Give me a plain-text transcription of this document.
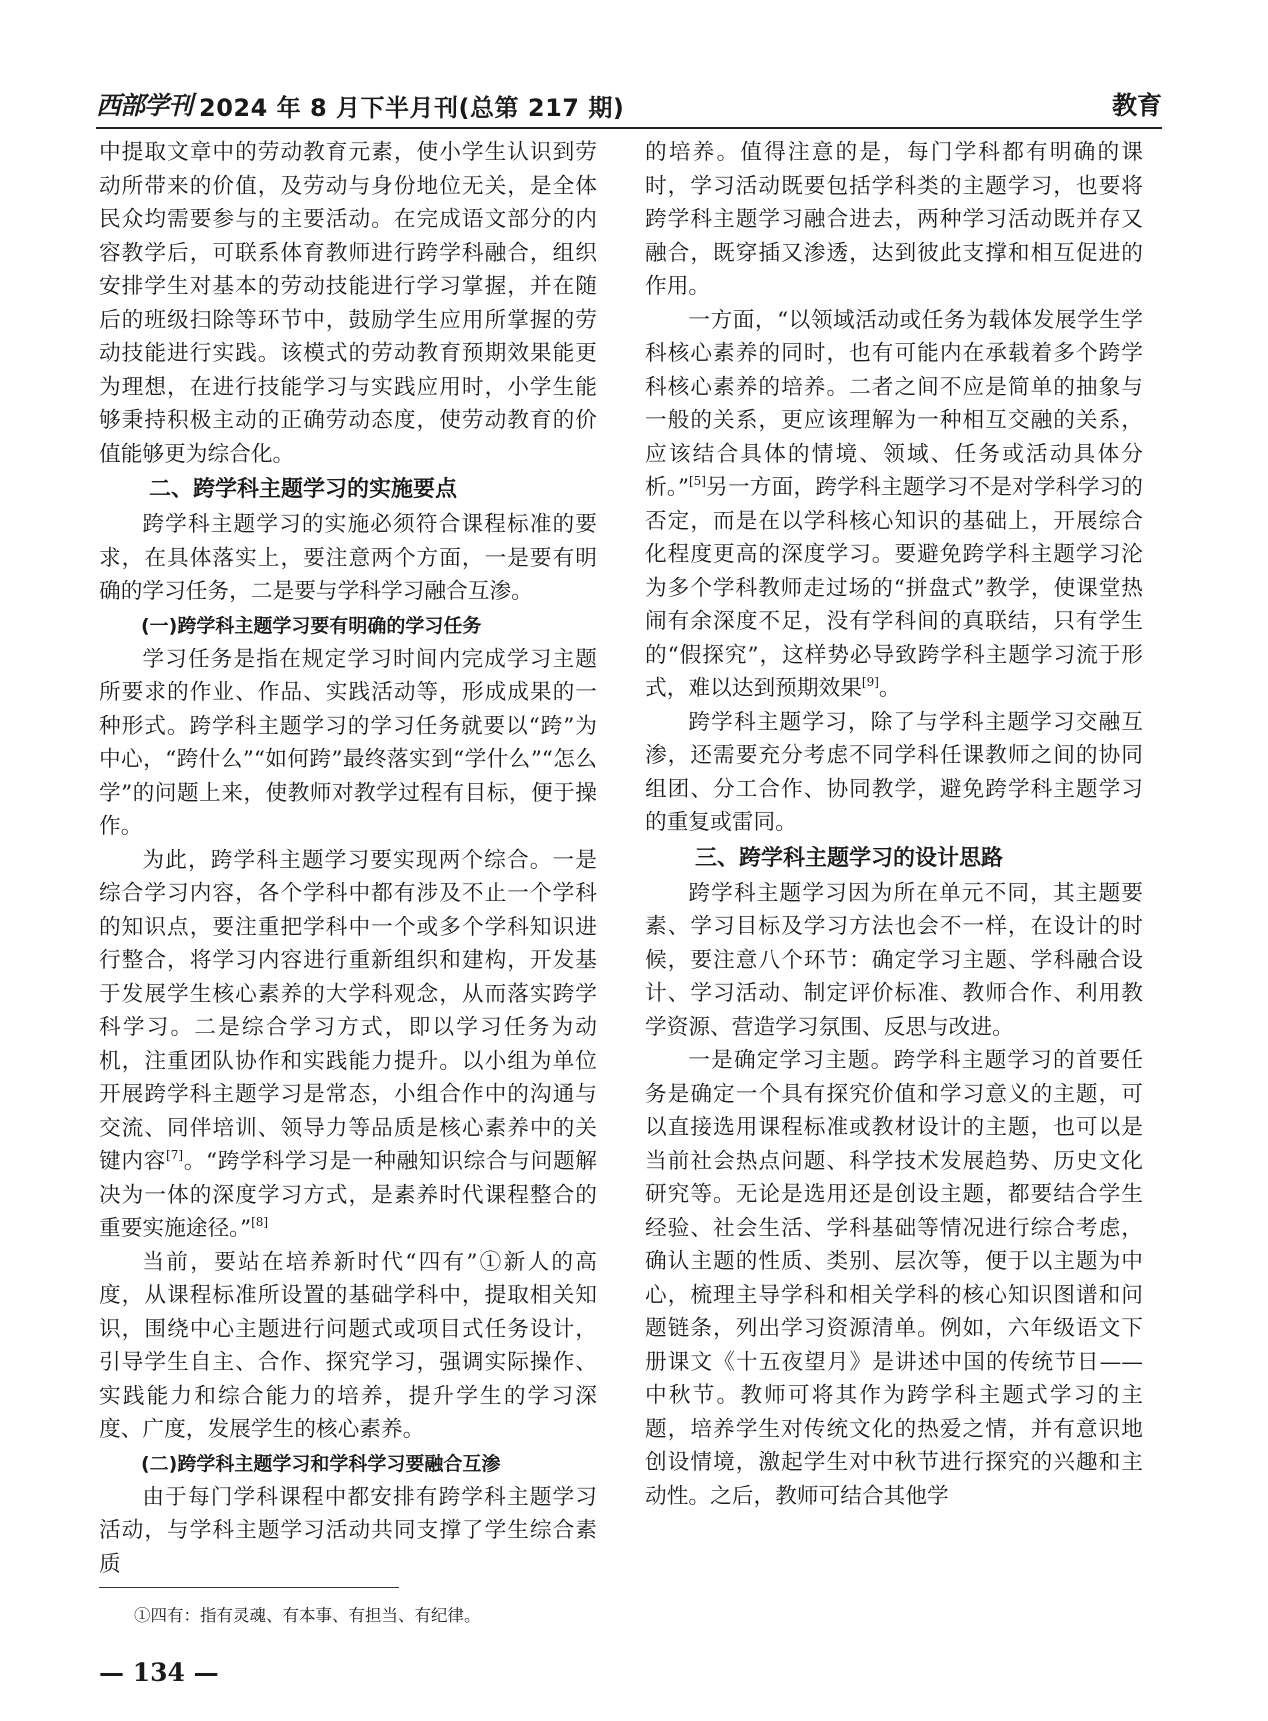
西部学刊 2024 年 8 月下半月刊(总第 217 期)	教育

中提取文章中的劳动教育元素，使小学生认识到劳动所带来的价值，及劳动与身份地位无关，是全体民众均需要参与的主要活动。在完成语文部分的内容教学后，可联系体育教师进行跨学科融合，组织安排学生对基本的劳动技能进行学习掌握，并在随后的班级扫除等环节中，鼓励学生应用所掌握的劳动技能进行实践。该模式的劳动教育预期效果能更为理想，在进行技能学习与实践应用时，小学生能够秉持积极主动的正确劳动态度，使劳动教育的价值能够更为综合化。

二、跨学科主题学习的实施要点

跨学科主题学习的实施必须符合课程标准的要求，在具体落实上，要注意两个方面，一是要有明确的学习任务，二是要与学科学习融合互渗。

(一)跨学科主题学习要有明确的学习任务

学习任务是指在规定学习时间内完成学习主题所要求的作业、作品、实践活动等，形成成果的一种形式。跨学科主题学习的学习任务就要以“跨”为中心，“跨什么”“如何跨”最终落实到“学什么”“怎么学”的问题上来，使教师对教学过程有目标，便于操作。

为此，跨学科主题学习要实现两个综合。一是综合学习内容，各个学科中都有涉及不止一个学科的知识点，要注重把学科中一个或多个学科知识进行整合，将学习内容进行重新组织和建构，开发基于发展学生核心素养的大学科观念，从而落实跨学科学习。二是综合学习方式，即以学习任务为动机，注重团队协作和实践能力提升。以小组为单位开展跨学科主题学习是常态，小组合作中的沟通与交流、同伴培训、领导力等品质是核心素养中的关键内容[7]。“跨学科学习是一种融知识综合与问题解决为一体的深度学习方式，是素养时代课程整合的重要实施途径。”[8]

当前，要站在培养新时代“四有”①新人的高度，从课程标准所设置的基础学科中，提取相关知识，围绕中心主题进行问题式或项目式任务设计，引导学生自主、合作、探究学习，强调实际操作、实践能力和综合能力的培养，提升学生的学习深度、广度，发展学生的核心素养。

(二)跨学科主题学习和学科学习要融合互渗

由于每门学科课程中都安排有跨学科主题学习活动，与学科主题学习活动共同支撑了学生综合素质

的培养。值得注意的是，每门学科都有明确的课时，学习活动既要包括学科类的主题学习，也要将跨学科主题学习融合进去，两种学习活动既并存又融合，既穿插又渗透，达到彼此支撑和相互促进的作用。

一方面，“以领域活动或任务为载体发展学生学科核心素养的同时，也有可能内在承载着多个跨学科核心素养的培养。二者之间不应是简单的抽象与一般的关系，更应该理解为一种相互交融的关系，应该结合具体的情境、领域、任务或活动具体分析。”[5]另一方面，跨学科主题学习不是对学科学习的否定，而是在以学科核心知识的基础上，开展综合化程度更高的深度学习。要避免跨学科主题学习沦为多个学科教师走过场的“拼盘式”教学，使课堂热闹有余深度不足，没有学科间的真联结，只有学生的“假探究”，这样势必导致跨学科主题学习流于形式，难以达到预期效果[9]。

跨学科主题学习，除了与学科主题学习交融互渗，还需要充分考虑不同学科任课教师之间的协同组团、分工合作、协同教学，避免跨学科主题学习的重复或雷同。

三、跨学科主题学习的设计思路

跨学科主题学习因为所在单元不同，其主题要素、学习目标及学习方法也会不一样，在设计的时候，要注意八个环节：确定学习主题、学科融合设计、学习活动、制定评价标准、教师合作、利用教学资源、营造学习氛围、反思与改进。

一是确定学习主题。跨学科主题学习的首要任务是确定一个具有探究价值和学习意义的主题，可以直接选用课程标准或教材设计的主题，也可以是当前社会热点问题、科学技术发展趋势、历史文化研究等。无论是选用还是创设主题，都要结合学生经验、社会生活、学科基础等情况进行综合考虑，确认主题的性质、类别、层次等，便于以主题为中心，梳理主导学科和相关学科的核心知识图谱和问题链条，列出学习资源清单。例如，六年级语文下册课文《十五夜望月》是讲述中国的传统节日——中秋节。教师可将其作为跨学科主题式学习的主题，培养学生对传统文化的热爱之情，并有意识地创设情境，激起学生对中秋节进行探究的兴趣和主动性。之后，教师可结合其他学

①四有：指有灵魂、有本事、有担当、有纪律。
— 134 —
